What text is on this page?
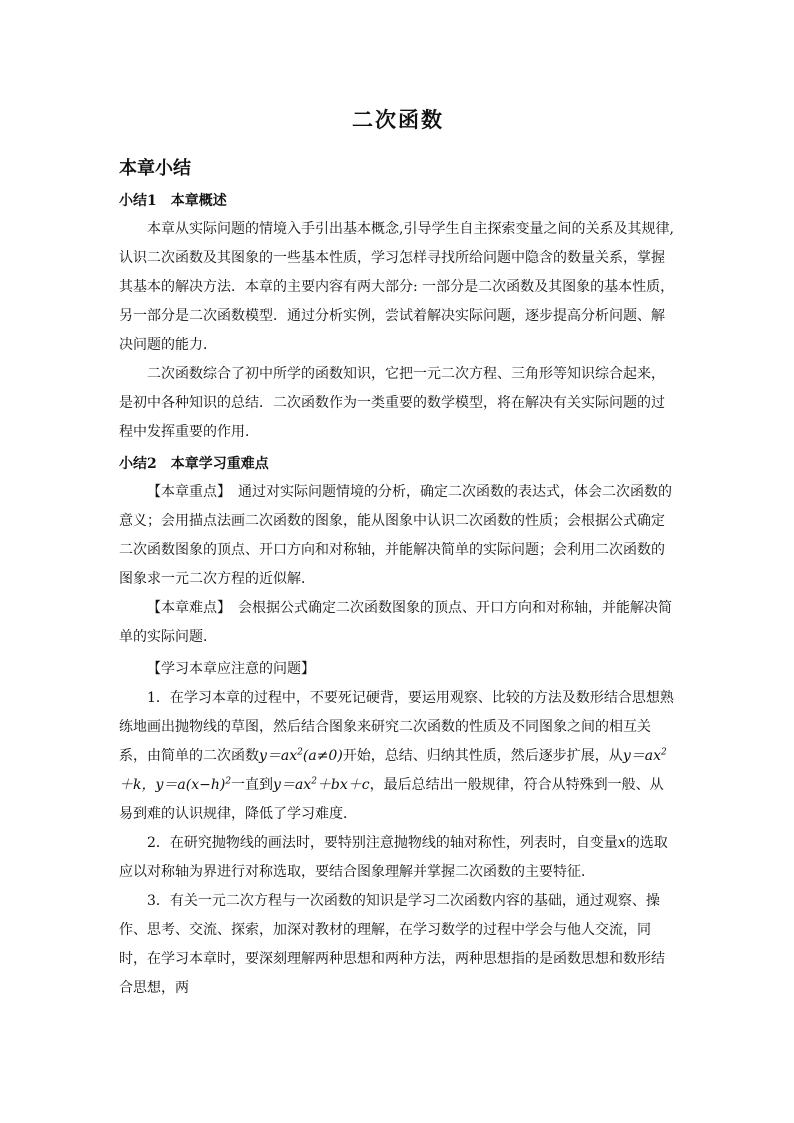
二次函数
本章小结
小结1　本章概述

本章从实际问题的情境入手引出基本概念,引导学生自主探索变量之间的关系及其规律,认识二次函数及其图象的一些基本性质，学习怎样寻找所给问题中隐含的数量关系，掌握其基本的解决方法．本章的主要内容有两大部分: 一部分是二次函数及其图象的基本性质，另一部分是二次函数模型．通过分析实例，尝试着解决实际问题，逐步提高分析问题、解决问题的能力．

二次函数综合了初中所学的函数知识，它把一元二次方程、三角形等知识综合起来，是初中各种知识的总结．二次函数作为一类重要的数学模型，将在解决有关实际问题的过程中发挥重要的作用．

小结2　本章学习重难点

【本章重点】　通过对实际问题情境的分析，确定二次函数的表达式，体会二次函数的意义；会用描点法画二次函数的图象，能从图象中认识二次函数的性质；会根据公式确定二次函数图象的顶点、开口方向和对称轴，并能解决简单的实际问题；会利用二次函数的图象求一元二次方程的近似解．

【本章难点】　会根据公式确定二次函数图象的顶点、开口方向和对称轴，并能解决简单的实际问题．

【学习本章应注意的问题】

1．在学习本章的过程中，不要死记硬背，要运用观察、比较的方法及数形结合思想熟练地画出抛物线的草图，然后结合图象来研究二次函数的性质及不同图象之间的相互关系，由简单的二次函数$y=ax^2(a\ne 0)$开始，总结、归纳其性质，然后逐步扩展，从$y=ax^2+k$，$y=a(x-h)^2$一直到$y=ax^2+bx+c$，最后总结出一般规律，符合从特殊到一般、从易到难的认识规律，降低了学习难度．

2．在研究抛物线的画法时，要特别注意抛物线的轴对称性，列表时，自变量x的选取应以对称轴为界进行对称选取，要结合图象理解并掌握二次函数的主要特征．

3．有关一元二次方程与一次函数的知识是学习二次函数内容的基础，通过观察、操作、思考、交流、探索，加深对教材的理解，在学习数学的过程中学会与他人交流，同时，在学习本章时，要深刻理解两种思想和两种方法，两种思想指的是函数思想和数形结合思想，两
